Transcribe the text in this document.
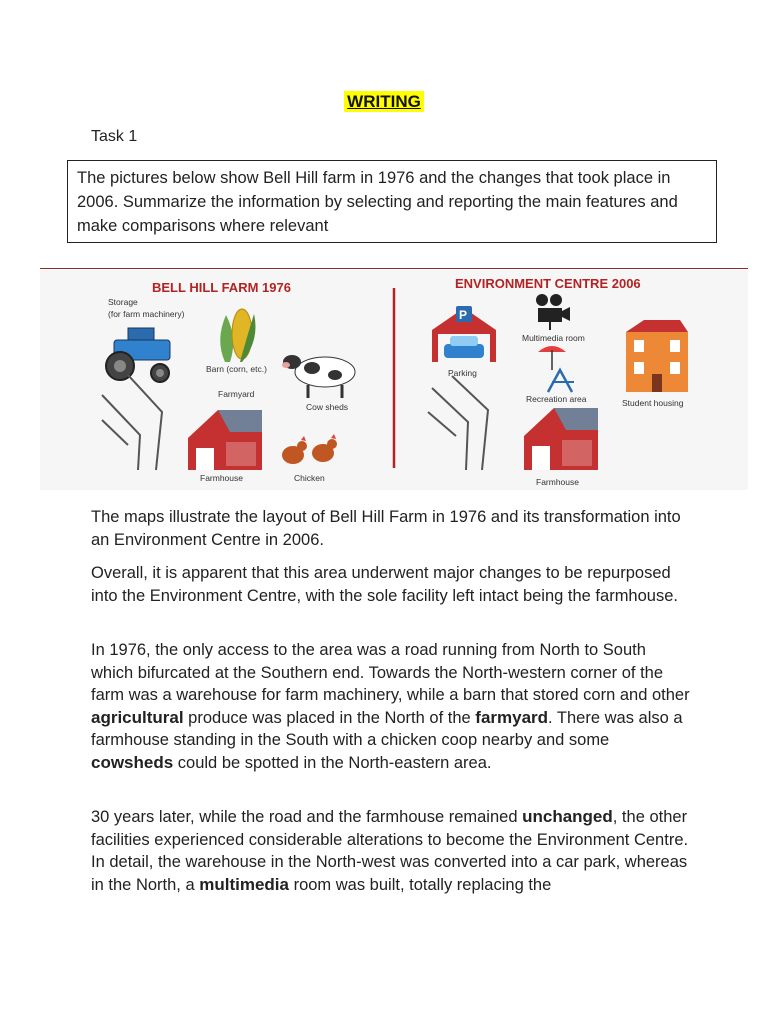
WRITING
Task 1
The pictures below show Bell Hill farm in 1976 and the changes that took place in 2006. Summarize the information by selecting and reporting the main features and make comparisons where relevant
BELL HILL FARM 1976
Storage
(for farm machinery)
Barn (corn, etc.)
Farmyard
Cow sheds
Farmhouse	Chicken
ENVIRONMENT CENTRE 2006
P
Parking
Multimedia room
Recreation area	Student housing
Farmhouse

The maps illustrate the layout of Bell Hill Farm in 1976 and its transformation into an Environment Centre in 2006.

Overall, it is apparent that this area underwent major changes to be repurposed into the Environment Centre, with the sole facility left intact being the farmhouse.

In 1976, the only access to the area was a road running from North to South which bifurcated at the Southern end. Towards the North-western corner of the farm was a warehouse for farm machinery, while a barn that stored corn and other agricultural produce was placed in the North of the farmyard. There was also a farmhouse standing in the South with a chicken coop nearby and some cowsheds could be spotted in the North-eastern area.

30 years later, while the road and the farmhouse remained unchanged, the other facilities experienced considerable alterations to become the Environment Centre. In detail, the warehouse in the North-west was converted into a car park, whereas in the North, a multimedia room was built, totally replacing the
